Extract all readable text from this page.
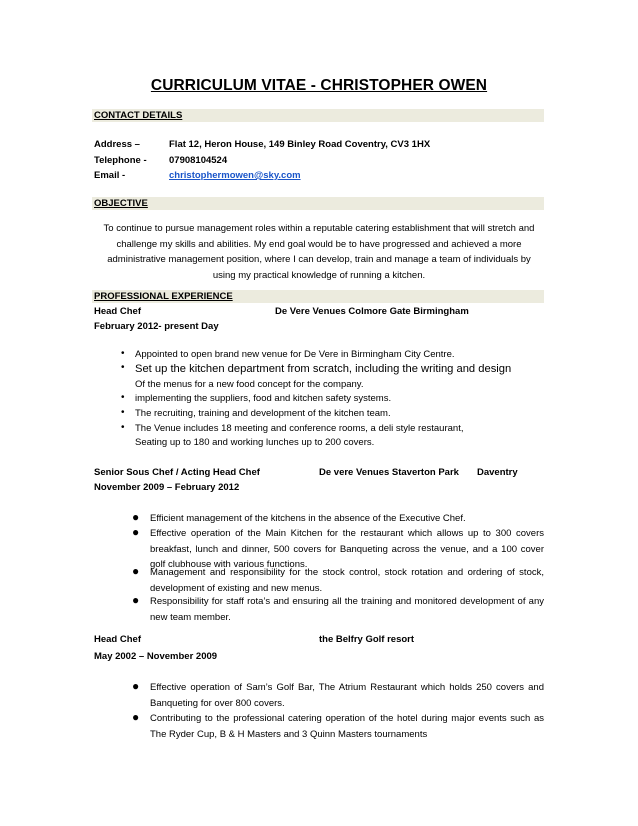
CURRICULUM VITAE - CHRISTOPHER OWEN
CONTACT DETAILS
Address –	Flat 12, Heron House, 149 Binley Road Coventry, CV3 1HX
Telephone - 07908104524
Email -	christophermowen@sky.com
OBJECTIVE
To continue to pursue management roles within a reputable catering establishment that will stretch and
challenge my skills and abilities. My end goal would be to have progressed and achieved a more
administrative management position, where I can develop, train and manage a team of individuals by
using my practical knowledge of running a kitchen.
PROFESSIONAL EXPERIENCE
Head Chef	De Vere Venues Colmore Gate Birmingham
February 2012- present Day
• Appointed to open brand new venue for De Vere in Birmingham City Centre.
• Set up the kitchen department from scratch, including the writing and design
Of the menus for a new food concept for the company.
• implementing the suppliers, food and kitchen safety systems.
• The recruiting, training and development of the kitchen team.
• The Venue includes 18 meeting and conference rooms, a deli style restaurant,
Seating up to 180 and working lunches up to 200 covers.
Senior Sous Chef / Acting Head Chef	De vere Venues Staverton Park Daventry
November 2009 – February 2012
● Efficient management of the kitchens in the absence of the Executive Chef.
● Effective operation of the Main Kitchen for the restaurant which allows up to 300 covers breakfast, lunch and dinner, 500 covers for Banqueting across the venue, and a 100 cover golf clubhouse with various functions.
● Management and responsibility for the stock control, stock rotation and ordering of stock, development of existing and new menus.
● Responsibility for staff rota’s and ensuring all the training and monitored development of any new team member.
Head Chef	the Belfry Golf resort
May 2002 – November 2009
● Effective operation of Sam’s Golf Bar, The Atrium Restaurant which holds 250 covers and Banqueting for over 800 covers.
● Contributing to the professional catering operation of the hotel during major events such as The Ryder Cup, B & H Masters and 3 Quinn Masters tournaments
